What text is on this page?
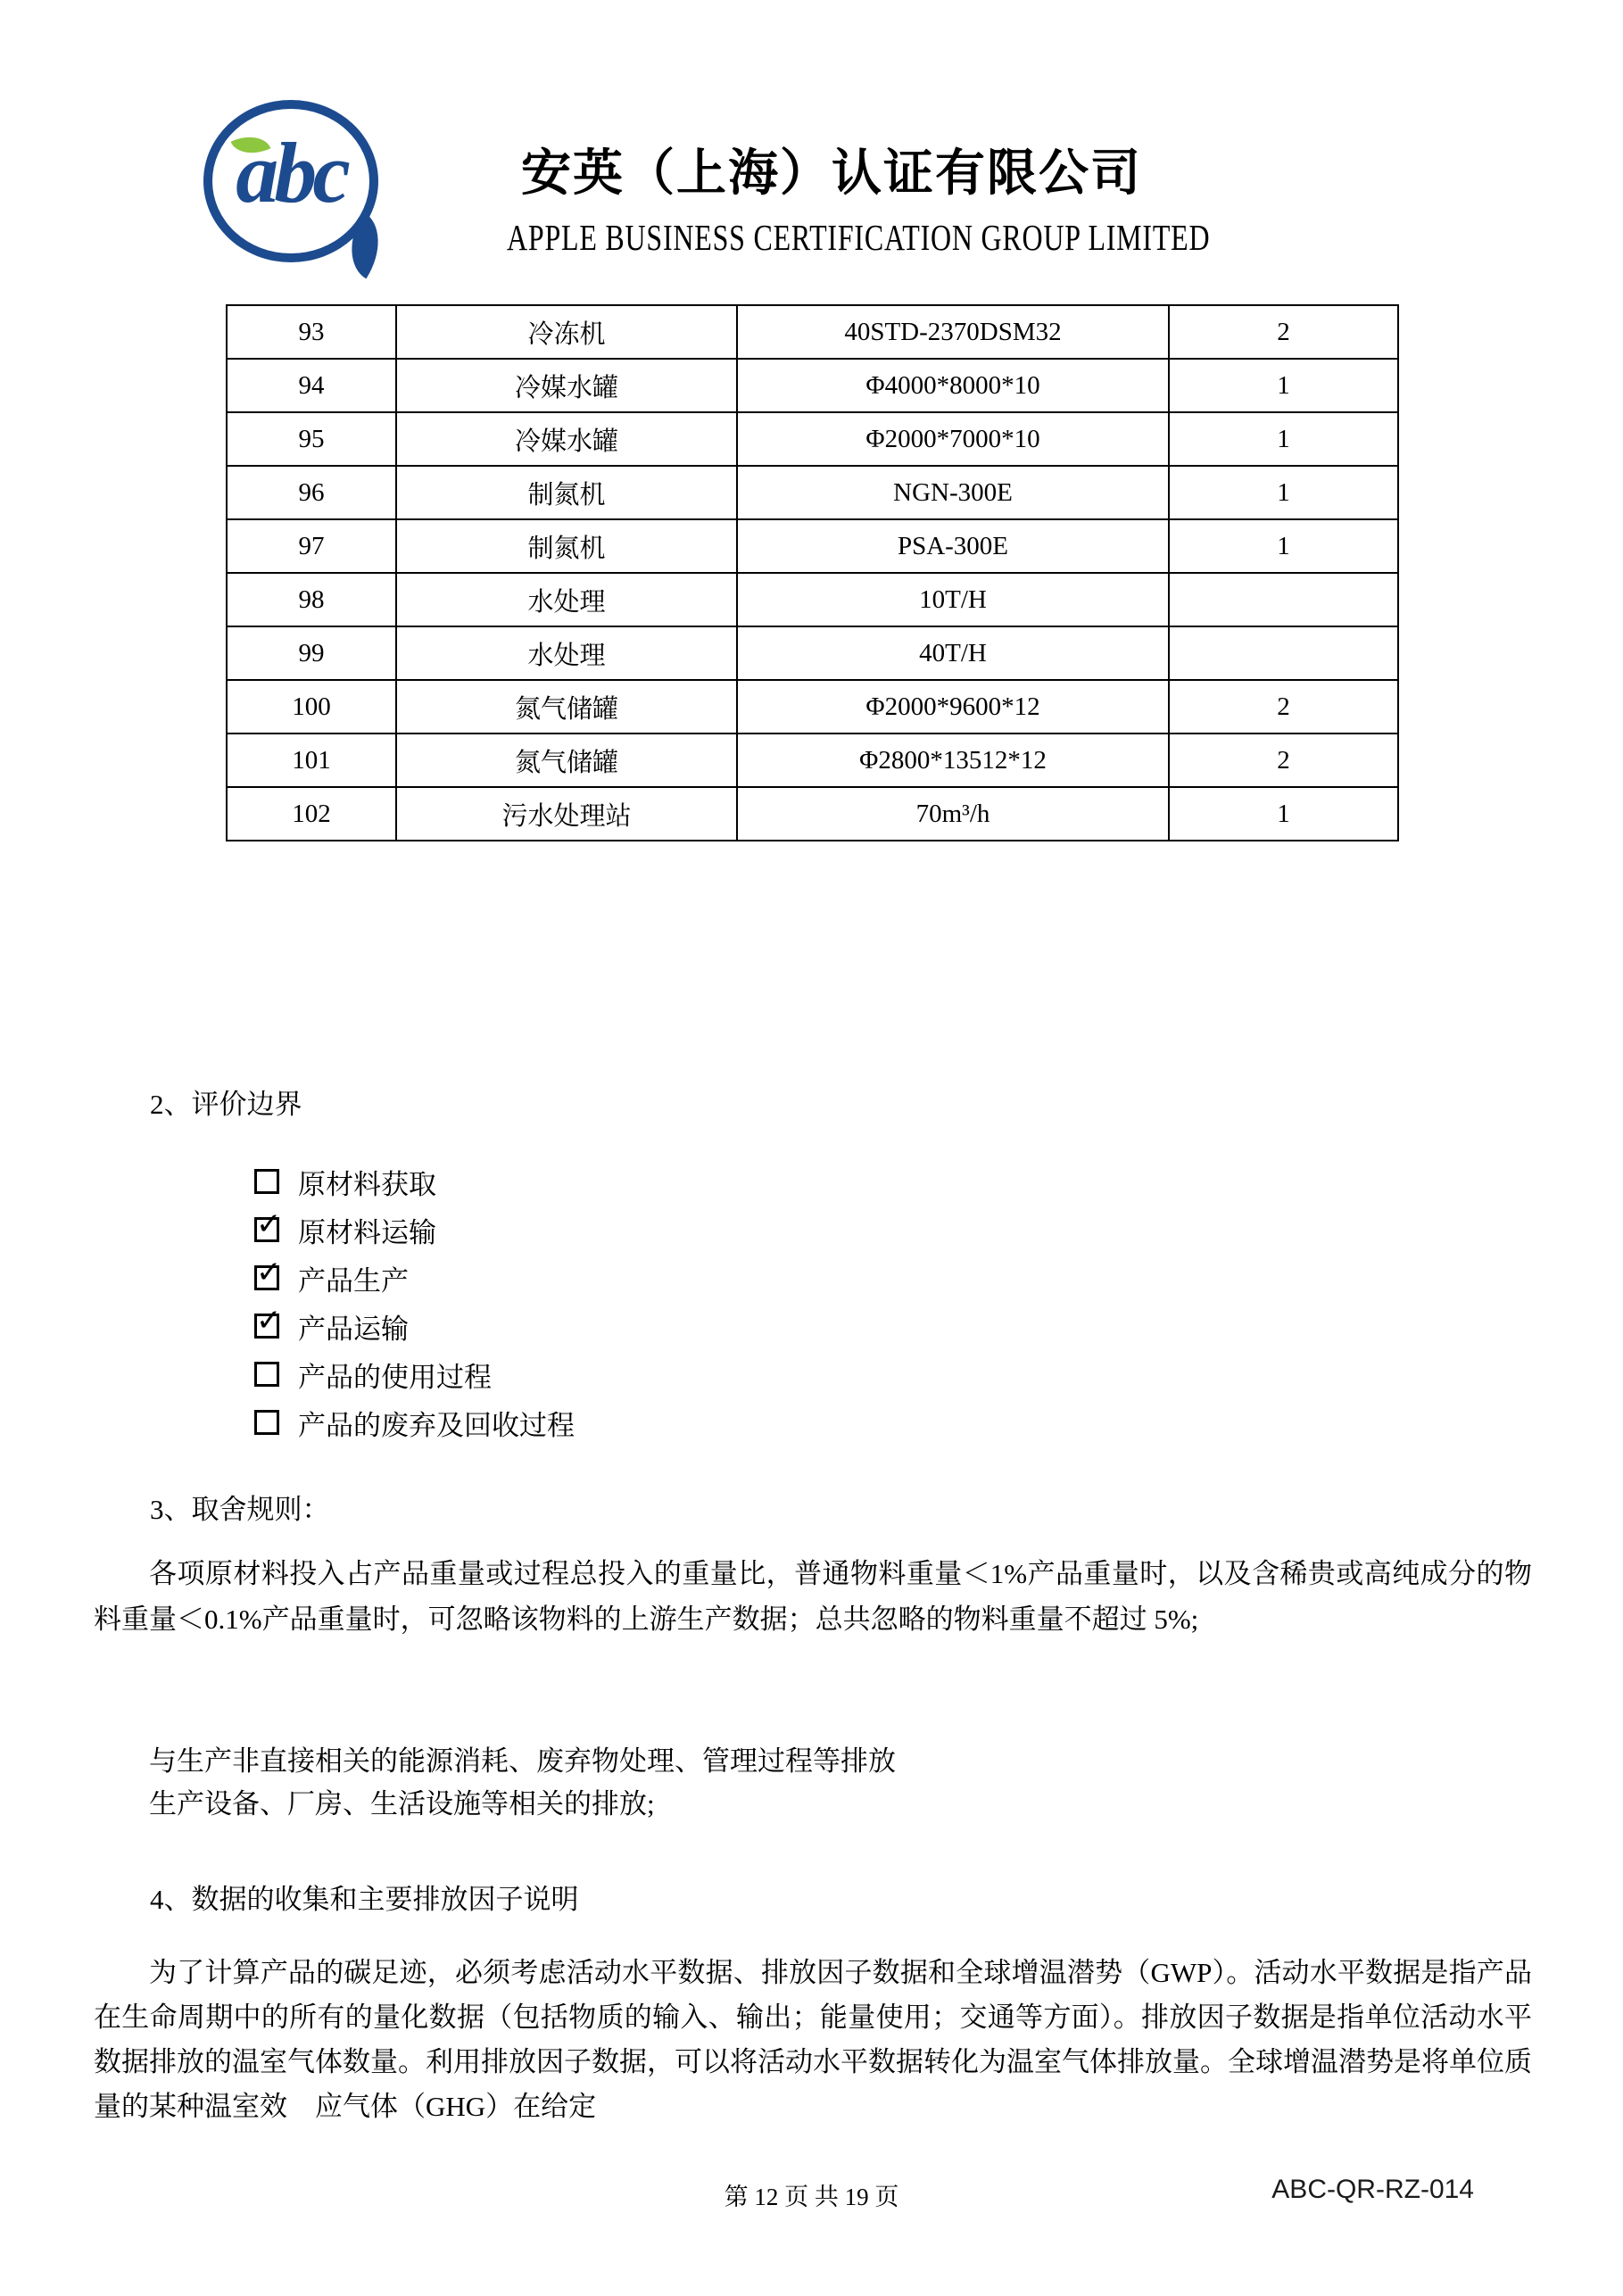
abc	安英（上海）认证有限公司
APPLE BUSINESS CERTIFICATION GROUP LIMITED
93	冷冻机	40STD-2370DSM32	2
94	冷媒水罐	Φ4000*8000*10	1
95	冷媒水罐	Φ2000*7000*10	1
96	制氮机	NGN-300E	1
97	制氮机	PSA-300E	1
98	水处理	10T/H	
99	水处理	40T/H	
100	氮气储罐	Φ2000*9600*12	2
101	氮气储罐	Φ2800*13512*12	2
102	污水处理站	70m³/h	1
2、评价边界
原材料获取
✓ 原材料运输
✓ 产品生产
✓ 产品运输
产品的使用过程
产品的废弃及回收过程
3、取舍规则：
各项原材料投入占产品重量或过程总投入的重量比，普通物料重量＜1%产品重量时，以及含稀贵或高纯成分的物料重量＜0.1%产品重量时，可忽略该物料的上游生产数据；总共忽略的物料重量不超过 5%;
与生产非直接相关的能源消耗、废弃物处理、管理过程等排放
生产设备、厂房、生活设施等相关的排放;
4、数据的收集和主要排放因子说明
为了计算产品的碳足迹，必须考虑活动水平数据、排放因子数据和全球增温潜势（GWP）。活动水平数据是指产品在生命周期中的所有的量化数据（包括物质的输入、输出；能量使用；交通等方面）。排放因子数据是指单位活动水平数据排放的温室气体数量。利用排放因子数据，可以将活动水平数据转化为温室气体排放量。全球增温潜势是将单位质量的某种温室效　应气体（GHG）在给定
第 12 页 共 19 页	ABC-QR-RZ-014
